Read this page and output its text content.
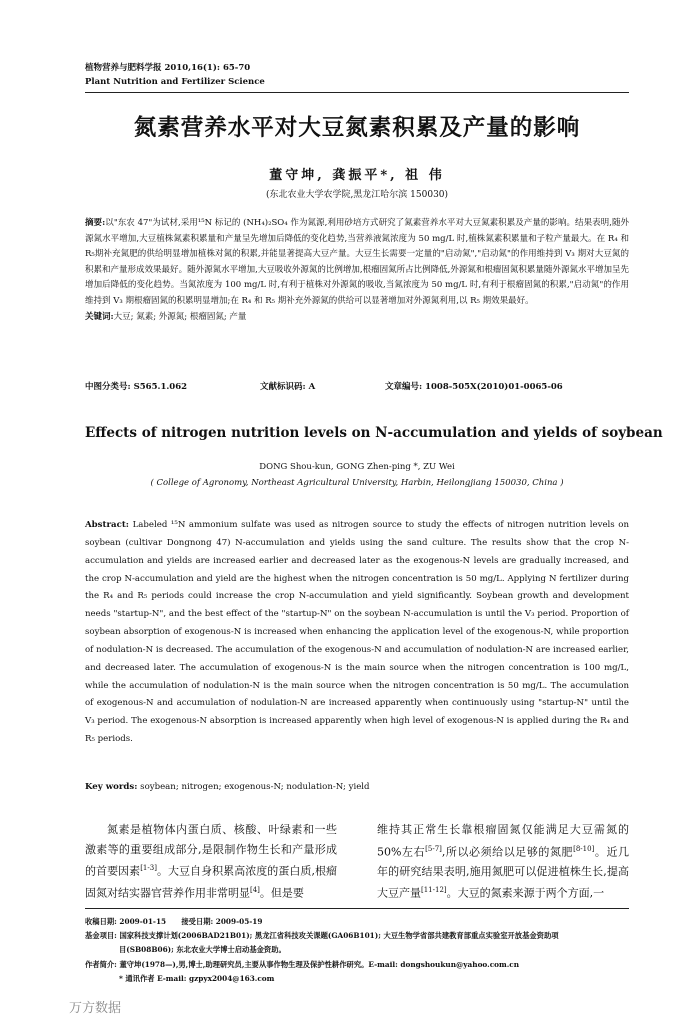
植物营养与肥料学报 2010,16(1): 65-70
Plant Nutrition and Fertilizer Science
氮素营养水平对大豆氮素积累及产量的影响
董守坤, 龚振平*, 祖 伟
(东北农业大学农学院,黑龙江哈尔滨 150030)
摘要:以"东农 47"为试材,采用¹⁵N 标记的 (NH₄)₂SO₄ 作为氮源,利用砂培方式研究了氮素营养水平对大豆氮素积累及产量的影响。结果表明,随外源氮水平增加,大豆植株氮素积累量和产量呈先增加后降低的变化趋势,当营养液氮浓度为 50 mg/L 时,植株氮素积累量和子粒产量最大。在 R₄ 和 R₅期补充氮肥的供给明显增加植株对氮的积累,并能显著提高大豆产量。大豆生长需要一定量的"启动氮","启动氮"的作用维持到 V₃ 期对大豆氮的积累和产量形成效果最好。随外源氮水平增加,大豆吸收外源氮的比例增加,根瘤固氮所占比例降低,外源氮和根瘤固氮积累量随外源氮水平增加呈先增加后降低的变化趋势。当氮浓度为 100 mg/L 时,有利于植株对外源氮的吸收,当氮浓度为 50 mg/L 时,有利于根瘤固氮的积累,"启动氮"的作用维持到 V₃ 期根瘤固氮的积累明显增加;在 R₄ 和 R₅ 期补充外源氮的供给可以显著增加对外源氮利用,以 R₅ 期效果最好。
关键词:大豆; 氮素; 外源氮; 根瘤固氮; 产量
中图分类号: S565.1.062	文献标识码: A	文章编号: 1008-505X(2010)01-0065-06
Effects of nitrogen nutrition levels on N-accumulation and yields of soybean
DONG Shou-kun, GONG Zhen-ping *, ZU Wei
( College of Agronomy, Northeast Agricultural University, Harbin, Heilongjiang 150030, China )
Abstract: Labeled ¹⁵N ammonium sulfate was used as nitrogen source to study the effects of nitrogen nutrition levels on soybean (cultivar Dongnong 47) N-accumulation and yields using the sand culture. The results show that the crop N-accumulation and yields are increased earlier and decreased later as the exogenous-N levels are gradually increased, and the crop N-accumulation and yield are the highest when the nitrogen concentration is 50 mg/L. Applying N fertilizer during the R₄ and R₅ periods could increase the crop N-accumulation and yield significantly. Soybean growth and development needs "startup-N", and the best effect of the "startup-N" on the soybean N-accumulation is until the V₃ period. Proportion of soybean absorption of exogenous-N is increased when enhancing the application level of the exogenous-N, while proportion of nodulation-N is decreased. The accumulation of the exogenous-N and accumulation of nodulation-N are increased earlier, and decreased later. The accumulation of exogenous-N is the main source when the nitrogen concentration is 100 mg/L, while the accumulation of nodulation-N is the main source when the nitrogen concentration is 50 mg/L. The accumulation of exogenous-N and accumulation of nodulation-N are increased apparently when continuously using "startup-N" until the V₃ period. The exogenous-N absorption is increased apparently when high level of exogenous-N is applied during the R₄ and R₅ periods.
Key words: soybean; nitrogen; exogenous-N; nodulation-N; yield
氮素是植物体内蛋白质、核酸、叶绿素和一些激素等的重要组成部分,是限制作物生长和产量形成的首要因素[1-3]。大豆自身积累高浓度的蛋白质,根瘤固氮对结实器官营养作用非常明显[4]。但是要
维持其正常生长靠根瘤固氮仅能满足大豆需氮的 50%左右[5-7],所以必须给以足够的氮肥[8-10]。近几年的研究结果表明,施用氮肥可以促进植株生长,提高大豆产量[11-12]。大豆的氮素来源于两个方面,一
收稿日期: 2009-01-15 接受日期: 2009-05-19
基金项目: 国家科技支撑计划(2006BAD21B01); 黑龙江省科技攻关课题(GA06B101); 大豆生物学省部共建教育部重点实验室开放基金资助项
目(SB08B06); 东北农业大学博士启动基金资助。
作者简介: 董守坤(1978—),男,博士,助理研究员,主要从事作物生理及保护性耕作研究。E-mail: dongshoukun@yahoo.com.cn
* 通讯作者 E-mail: gzpyx2004@163.com
万方数据
